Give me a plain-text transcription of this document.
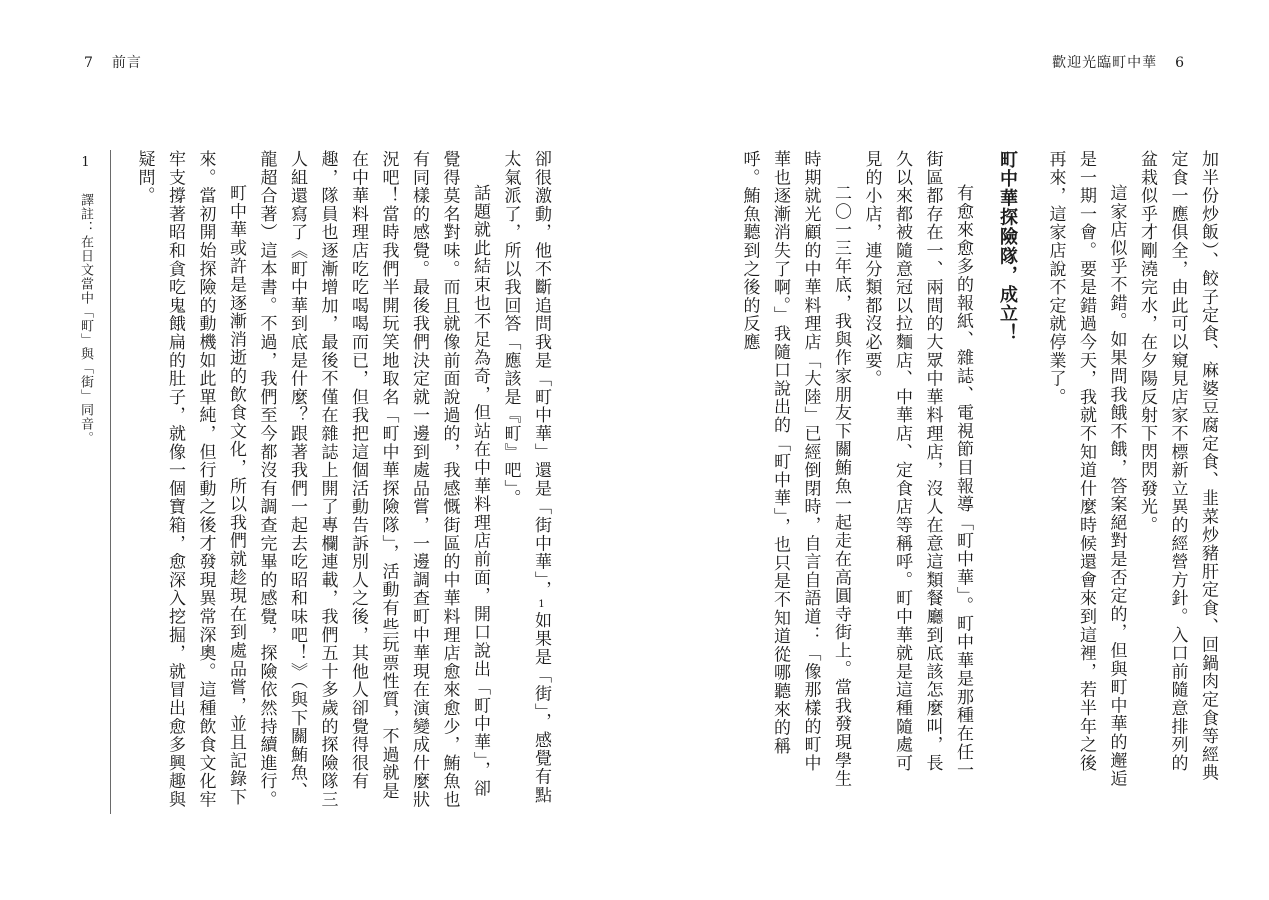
歡迎光臨町中華 6

加半份炒飯）、餃子定食、麻婆豆腐定食、韭菜炒豬肝定食、回鍋肉定食等經典定食一應俱全，由此可以窺見店家不標新立異的經營方針。入口前隨意排列的盆栽似乎才剛澆完水，在夕陽反射下閃閃發光。

這家店似乎不錯。如果問我餓不餓，答案絕對是否定的，但與町中華的邂逅是一期一會。要是錯過今天，我就不知道什麼時候還會來到這裡，若半年之後再來，這家店說不定就停業了。

町中華探險隊，成立！

有愈來愈多的報紙、雜誌、電視節目報導「町中華」。町中華是那種在任一街區都存在一、兩間的大眾中華料理店，沒人在意這類餐廳到底該怎麼叫，長久以來都被隨意冠以拉麵店、中華店、定食店等稱呼。町中華就是這種隨處可見的小店，連分類都沒必要。

二〇一三年底，我與作家朋友下關鮪魚一起走在高圓寺街上。當我發現學生時期就光顧的中華料理店「大陸」已經倒閉時，自言自語道：「像那樣的町中華也逐漸消失了啊。」我隨口說出的「町中華」，也只是不知道從哪聽來的稱呼。鮪魚聽到之後的反應

7 前言

卻很激動，他不斷追問我是「町中華」還是「街中華」，1如果是「街」，感覺有點太氣派了，所以我回答「應該是『町』吧」。

話題就此結束也不足為奇，但站在中華料理店前面，開口說出「町中華」，卻覺得莫名對味。而且就像前面說過的，我感慨街區的中華料理店愈來愈少，鮪魚也有同樣的感覺。最後我們決定就一邊到處品嘗，一邊調查町中華現在演變成什麼狀況吧！當時我們半開玩笑地取名「町中華探險隊」，活動有些玩票性質，不過就是在中華料理店吃吃喝喝而已，但我把這個活動告訴別人之後，其他人卻覺得很有趣，隊員也逐漸增加，最後不僅在雜誌上開了專欄連載，我們五十多歲的探險隊三人組還寫了《町中華到底是什麼？跟著我們一起去吃昭和味吧！》（與下關鮪魚、龍超合著）這本書。不過，我們至今都沒有調查完畢的感覺，探險依然持續進行。

町中華或許是逐漸消逝的飲食文化，所以我們就趁現在到處品嘗，並且記錄下來。當初開始探險的動機如此單純，但行動之後才發現異常深奧。這種飲食文化牢牢支撐著昭和貪吃鬼餓扁的肚子，就像一個寶箱，愈深入挖掘，就冒出愈多興趣與疑問。

1 譯註：在日文當中「町」與「街」同音。
